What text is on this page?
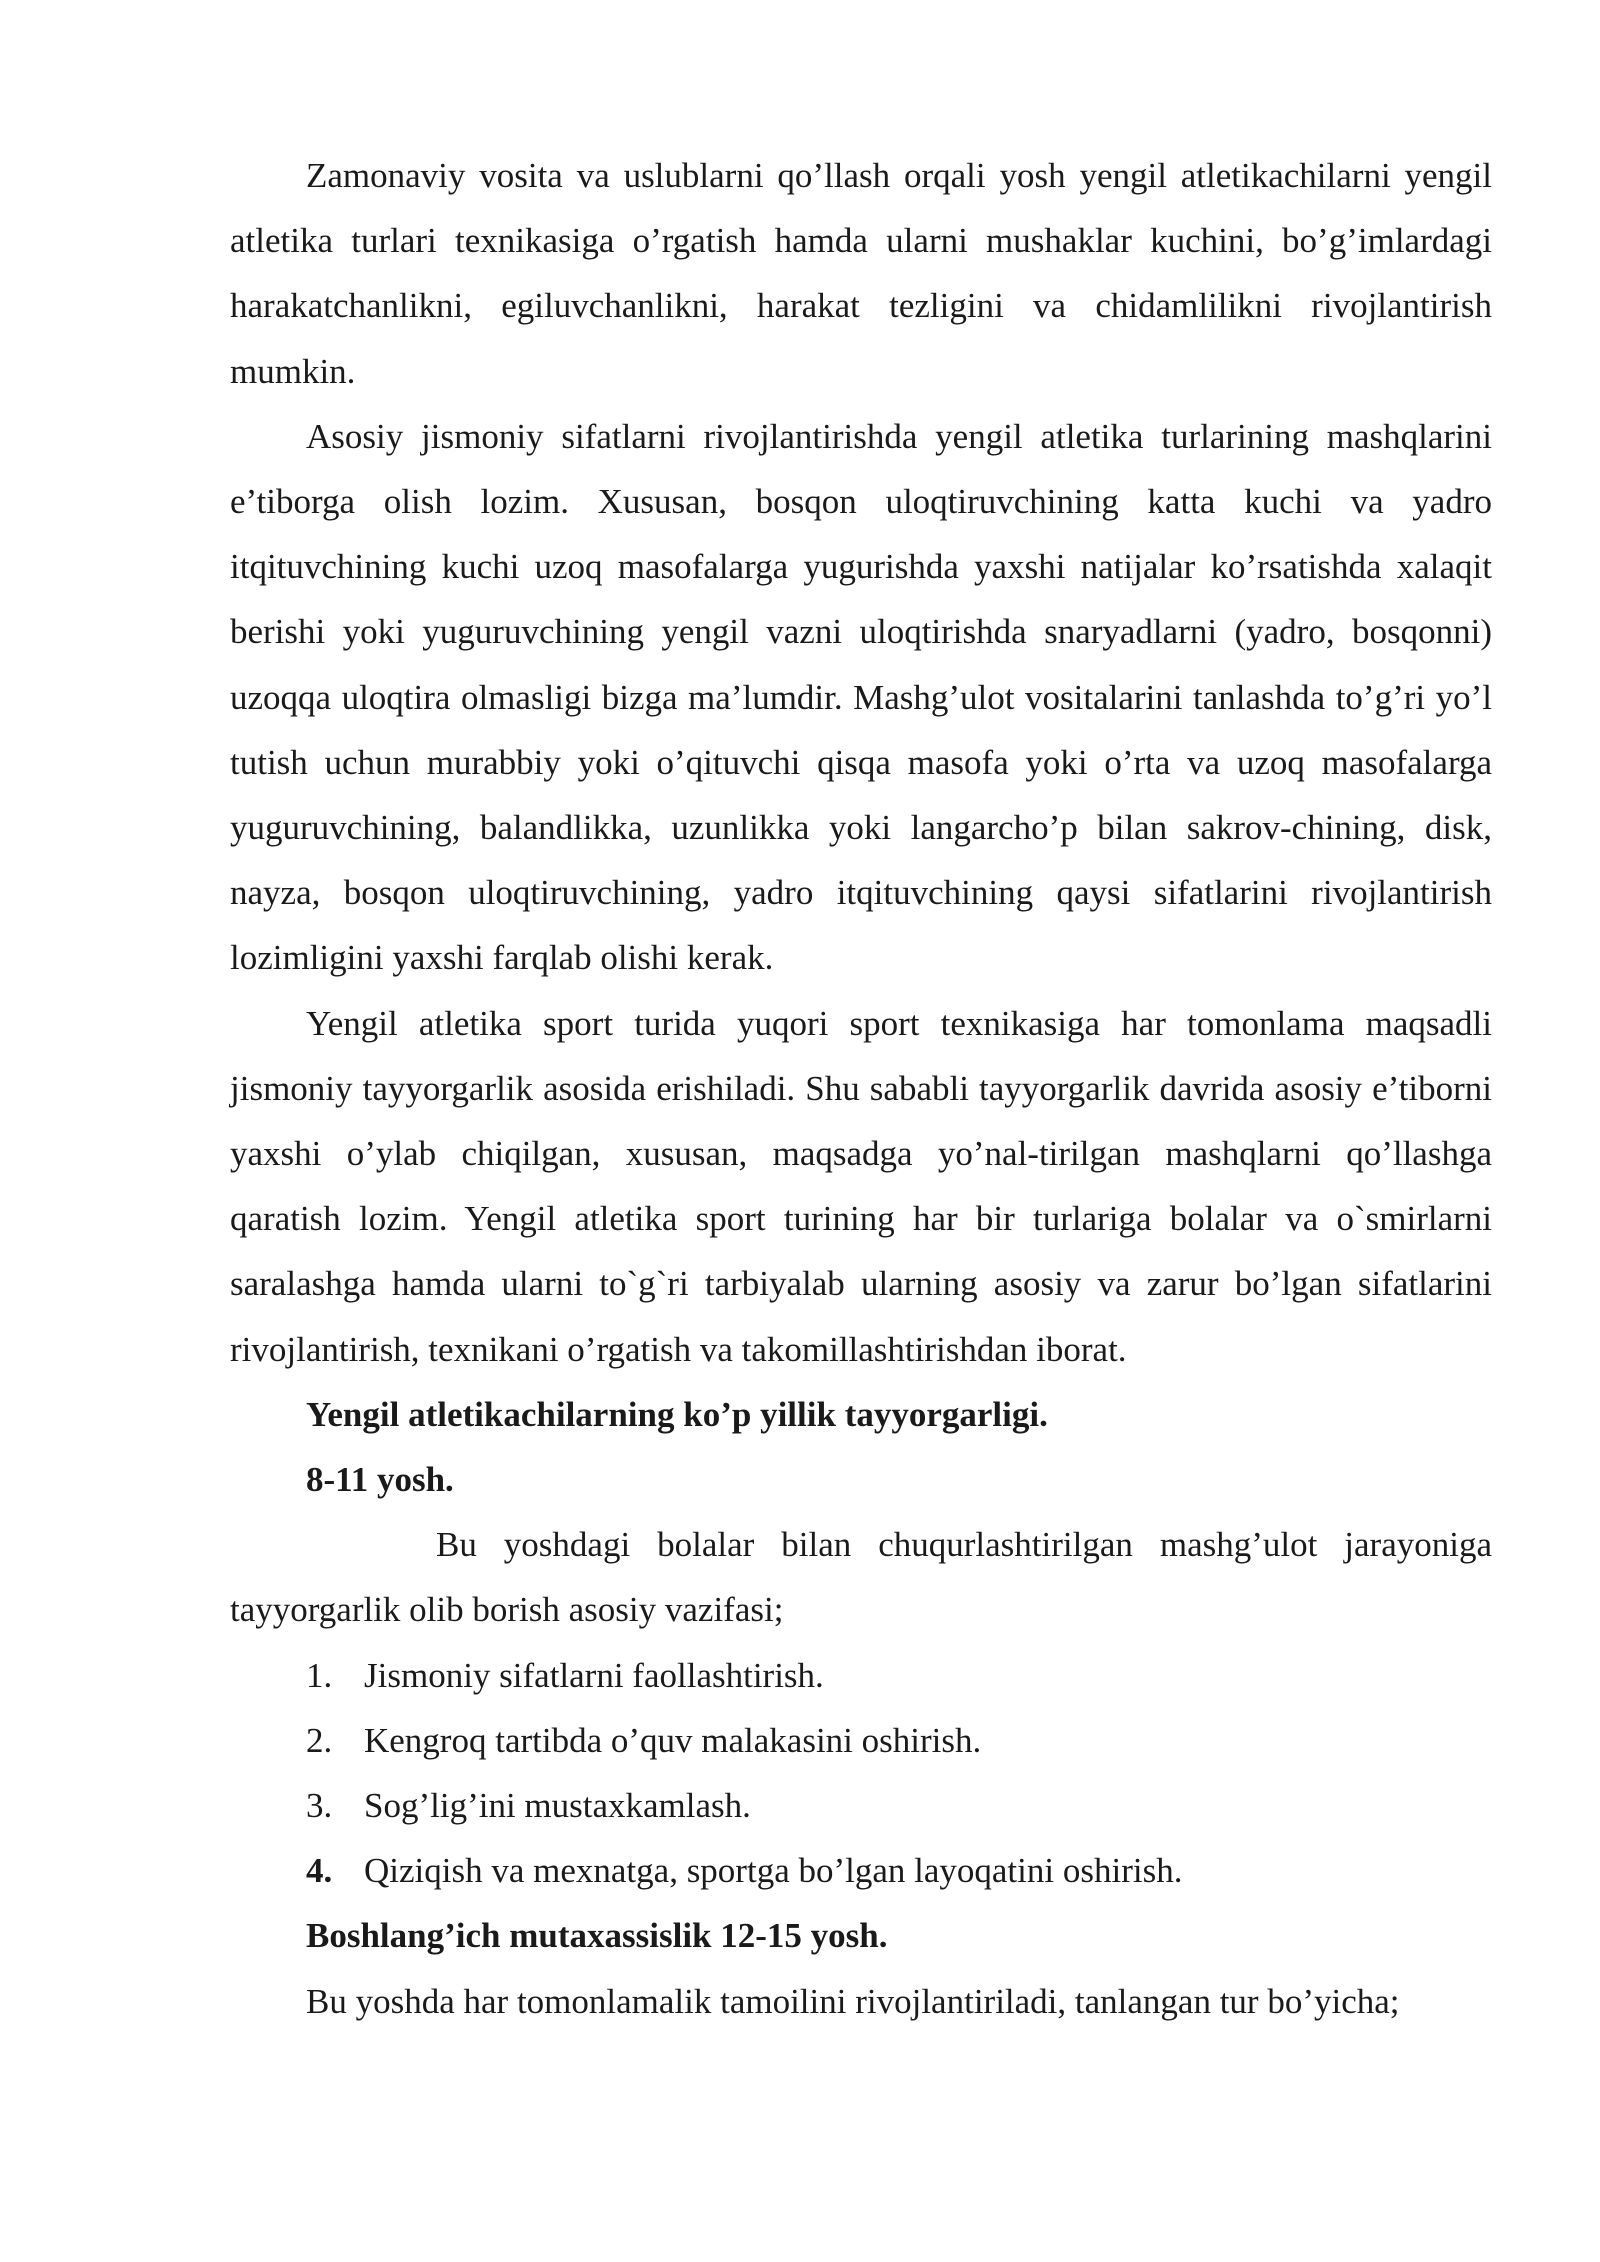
Zamonaviy vosita va uslublarni qo’llash orqali yosh yengil atletikachilarni yengil atletika turlari texnikasiga o’rgatish hamda ularni mushaklar kuchini, bo’g’imlardagi harakatchanlikni, egiluvchanlikni, harakat tezligini va chidamlilikni rivojlantirish mumkin.

Asosiy jismoniy sifatlarni rivojlantirishda yengil atletika turlarining mashqlarini e’tiborga olish lozim. Xususan, bosqon uloqtiruvchining katta kuchi va yadro itqituvchining kuchi uzoq masofalarga yugurishda yaxshi natijalar ko’rsatishda xalaqit berishi yoki yuguruvchining yengil vazni uloqtirishda snaryadlarni (yadro, bosqonni) uzoqqa uloqtira olmasligi bizga ma’lumdir. Mashg’ulot vositalarini tanlashda to’g’ri yo’l tutish uchun murabbiy yoki o’qituvchi qisqa masofa yoki o’rta va uzoq masofalarga yuguruvchining, balandlikka, uzunlikka yoki langarcho’p bilan sakrov-chining, disk, nayza, bosqon uloqtiruvchining, yadro itqituvchining qaysi sifatlarini rivojlantirish lozimligini yaxshi farqlab olishi kerak.

Yengil atletika sport turida yuqori sport texnikasiga har tomonlama maqsadli jismoniy tayyorgarlik asosida erishiladi. Shu sababli tayyorgarlik davrida asosiy e’tiborni yaxshi o’ylab chiqilgan, xususan, maqsadga yo’nal-tirilgan mashqlarni qo’llashga qaratish lozim. Yengil atletika sport turining har bir turlariga bolalar va o`smirlarni saralashga hamda ularni to`g`ri tarbiyalab ularning asosiy va zarur bo’lgan sifatlarini rivojlantirish, texnikani o’rgatish va takomillashtirishdan iborat.

Yengil atletikachilarning ko’p yillik tayyorgarligi.

8-11 yosh.

Bu yoshdagi bolalar bilan chuqurlashtirilgan mashg’ulot jarayoniga tayyorgarlik olib borish asosiy vazifasi;

1. Jismoniy sifatlarni faollashtirish.
2. Kengroq tartibda o’quv malakasini oshirish.
3. Sog’lig’ini mustaxkamlash.
4. Qiziqish va mexnatga, sportga bo’lgan layoqatini oshirish.

Boshlang’ich mutaxassislik 12-15 yosh.

Bu yoshda har tomonlamalik tamoilini rivojlantiriladi, tanlangan tur bo’yicha;
